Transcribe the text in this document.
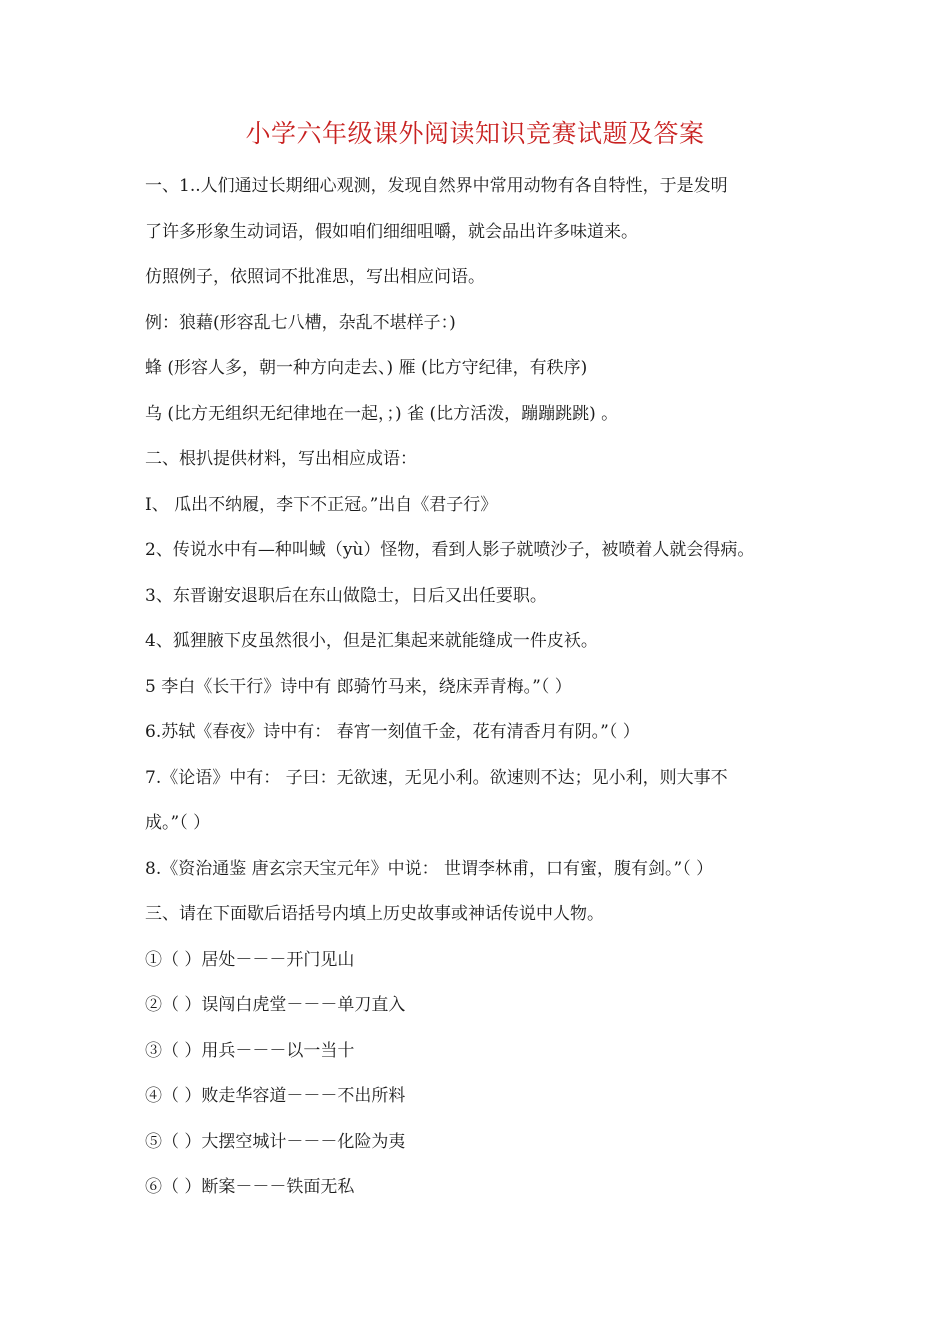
小学六年级课外阅读知识竞赛试题及答案
一、1..人们通过长期细心观测，发现自然界中常用动物有各自特性，于是发明
了许多形象生动词语，假如咱们细细咀嚼，就会品出许多味道来。
仿照例子，依照词不批准思，写出相应问语。
例：狼藉(形容乱七八槽，杂乱不堪样子：)
蜂 (形容人多，朝一种方向走去、) 雁 (比方守纪律，有秩序)
乌 (比方无组织无纪律地在一起，；) 雀 (比方活泼，蹦蹦跳跳) 。
二、根扒提供材料，写出相应成语：
I、 瓜出不纳履，李下不正冠。”出自《君子行》
2、传说水中有—种叫蜮（yù）怪物，看到人影子就喷沙子，被喷着人就会得病。
3、东晋谢安退职后在东山做隐士，日后又出任要职。
4、狐狸腋下皮虽然很小，但是汇集起来就能缝成一件皮袄。
5 李白《长干行》诗中有 郎骑竹马来，绕床弄青梅。”（ ）
6.苏轼《春夜》诗中有： 春宵一刻值千金，花有清香月有阴。”（ ）
7.《论语》中有： 子曰：无欲速，无见小利。欲速则不达；见小利，则大事不
成。”（ ）
8.《资治通鉴 唐玄宗天宝元年》中说： 世谓李林甫，口有蜜，腹有剑。”（ ）
三、请在下面歇后语括号内填上历史故事或神话传说中人物。
①（ ）居处－－－开门见山
②（ ）误闯白虎堂－－－单刀直入
③（ ）用兵－－－以一当十
④（ ）败走华容道－－－不出所料
⑤（ ）大摆空城计－－－化险为夷
⑥（ ）断案－－－铁面无私
